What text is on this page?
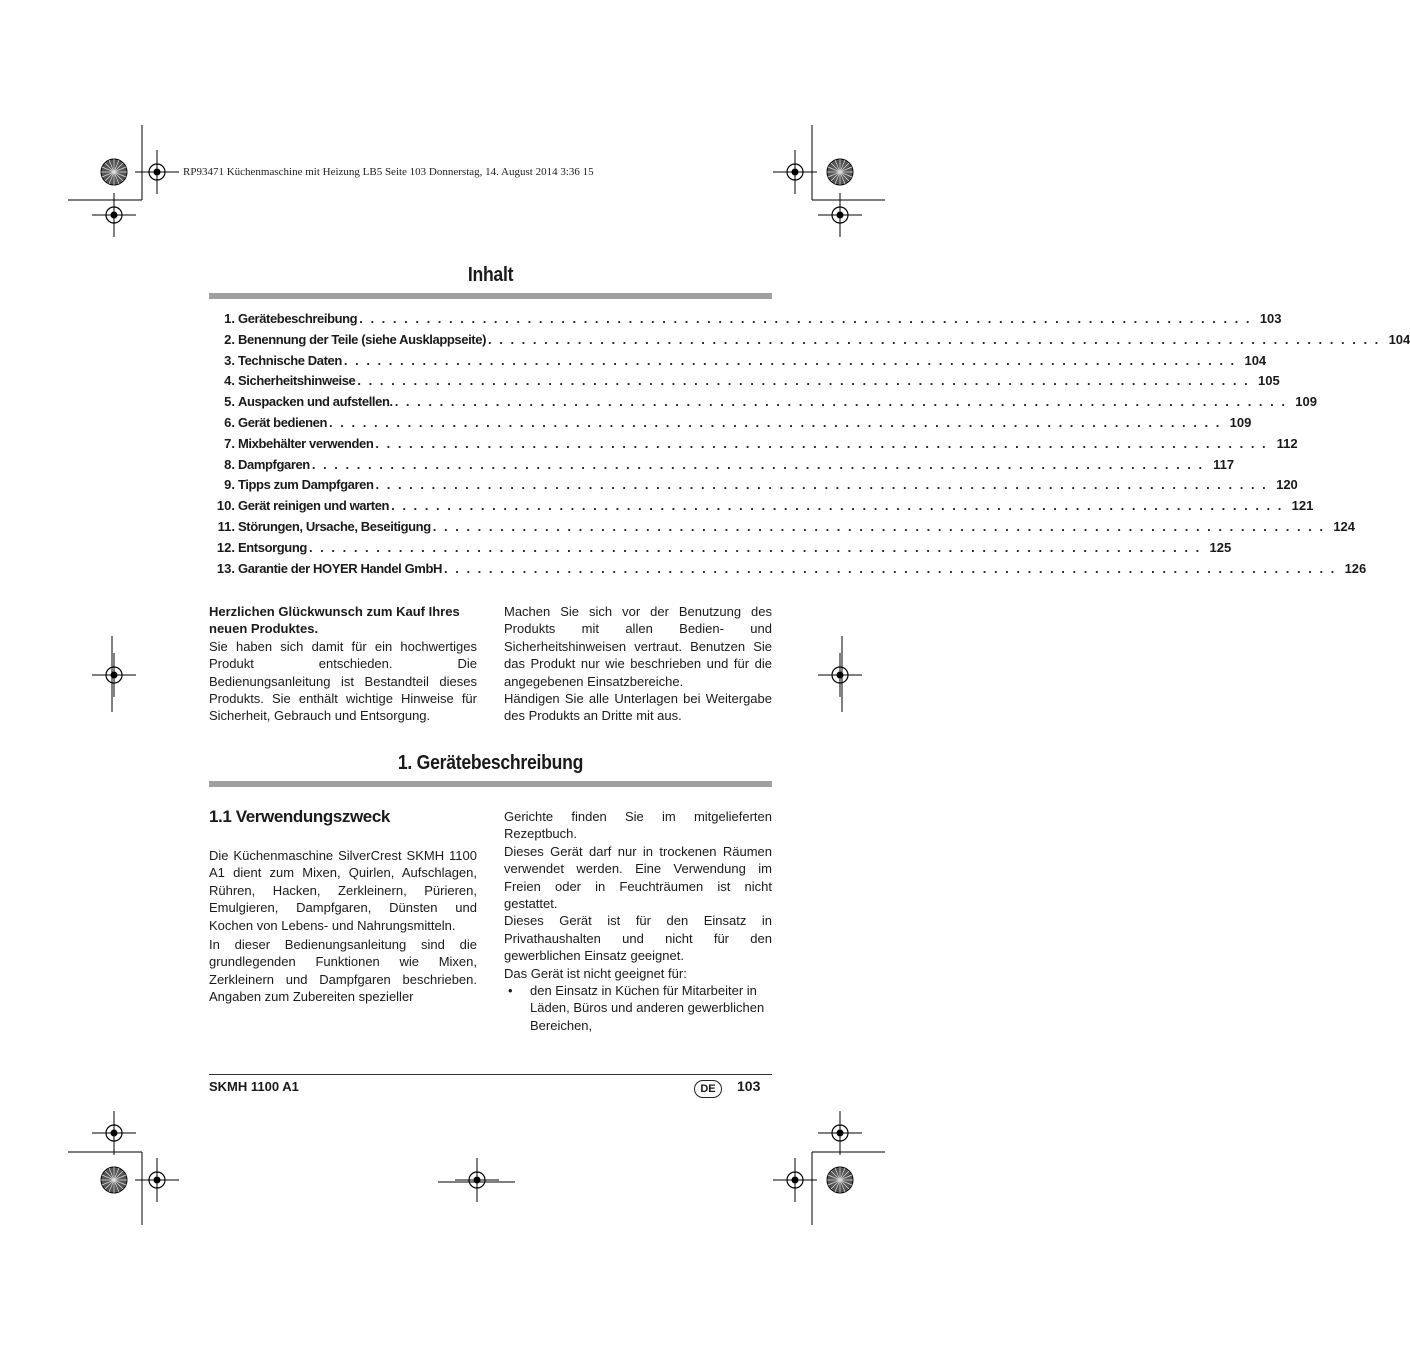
RP93471 Küchenmaschine mit Heizung LB5 Seite 103 Donnerstag, 14. August 2014 3:36 15
Inhalt
1. Gerätebeschreibung . . . . . . . . . . . . . . . . . . . . . . . . . . . . . . . . . . . . . . . . . . . . . . . . . . . . . . . . . . . . . . . . . . . . . . . . . . . . . . . . 103
2. Benennung der Teile (siehe Ausklappseite) . . . . . . . . . . . . . . . . . . . . . . . . . . . . . . . . . . . . . . . . . . . . . . . . . . . . . . . . . . . . . . . . . . . . . . . . . . . . . . . . 104
3. Technische Daten . . . . . . . . . . . . . . . . . . . . . . . . . . . . . . . . . . . . . . . . . . . . . . . . . . . . . . . . . . . . . . . . . . . . . . . . . . . . . . . . 104
4. Sicherheitshinweise . . . . . . . . . . . . . . . . . . . . . . . . . . . . . . . . . . . . . . . . . . . . . . . . . . . . . . . . . . . . . . . . . . . . . . . . . . . . . . . . 105
5. Auspacken und aufstellen. . . . . . . . . . . . . . . . . . . . . . . . . . . . . . . . . . . . . . . . . . . . . . . . . . . . . . . . . . . . . . . . . . . . . . . . . . . . . . . . . 109
6. Gerät bedienen . . . . . . . . . . . . . . . . . . . . . . . . . . . . . . . . . . . . . . . . . . . . . . . . . . . . . . . . . . . . . . . . . . . . . . . . . . . . . . . . 109
7. Mixbehälter verwenden . . . . . . . . . . . . . . . . . . . . . . . . . . . . . . . . . . . . . . . . . . . . . . . . . . . . . . . . . . . . . . . . . . . . . . . . . . . . . . . . 112
8. Dampfgaren . . . . . . . . . . . . . . . . . . . . . . . . . . . . . . . . . . . . . . . . . . . . . . . . . . . . . . . . . . . . . . . . . . . . . . . . . . . . . . . . 117
9. Tipps zum Dampfgaren . . . . . . . . . . . . . . . . . . . . . . . . . . . . . . . . . . . . . . . . . . . . . . . . . . . . . . . . . . . . . . . . . . . . . . . . . . . . . . . . 120
10. Gerät reinigen und warten . . . . . . . . . . . . . . . . . . . . . . . . . . . . . . . . . . . . . . . . . . . . . . . . . . . . . . . . . . . . . . . . . . . . . . . . . . . . . . . . 121
11. Störungen, Ursache, Beseitigung . . . . . . . . . . . . . . . . . . . . . . . . . . . . . . . . . . . . . . . . . . . . . . . . . . . . . . . . . . . . . . . . . . . . . . . . . . . . . . . . 124
12. Entsorgung . . . . . . . . . . . . . . . . . . . . . . . . . . . . . . . . . . . . . . . . . . . . . . . . . . . . . . . . . . . . . . . . . . . . . . . . . . . . . . . . 125
13. Garantie der HOYER Handel GmbH . . . . . . . . . . . . . . . . . . . . . . . . . . . . . . . . . . . . . . . . . . . . . . . . . . . . . . . . . . . . . . . . . . . . . . . . . . . . . . . . 126

Herzlichen Glückwunsch zum Kauf Ihres neuen Produktes.

Sie haben sich damit für ein hochwertiges Produkt entschieden. Die Bedienungsanleitung ist Bestandteil dieses Produkts. Sie enthält wichtige Hinweise für Sicherheit, Gebrauch und Entsorgung.

Machen Sie sich vor der Benutzung des Produkts mit allen Bedien- und Sicherheitshinweisen vertraut. Benutzen Sie das Produkt nur wie beschrieben und für die angegebenen Einsatzbereiche.

Händigen Sie alle Unterlagen bei Weitergabe des Produkts an Dritte mit aus.

1. Gerätebeschreibung
1.1 Verwendungszweck

Die Küchenmaschine SilverCrest SKMH 1100 A1 dient zum Mixen, Quirlen, Aufschlagen, Rühren, Hacken, Zerkleinern, Pürieren, Emulgieren, Dampfgaren, Dünsten und Kochen von Lebens- und Nahrungsmitteln.

In dieser Bedienungsanleitung sind die grundlegenden Funktionen wie Mixen, Zerkleinern und Dampfgaren beschrieben. Angaben zum Zubereiten spezieller

Gerichte finden Sie im mitgelieferten Rezeptbuch.

Dieses Gerät darf nur in trockenen Räumen verwendet werden. Eine Verwendung im Freien oder in Feuchträumen ist nicht gestattet.

Dieses Gerät ist für den Einsatz in Privathaushalten und nicht für den gewerblichen Einsatz geeignet.

Das Gerät ist nicht geeignet für:

•	den Einsatz in Küchen für Mitarbeiter in Läden, Büros und anderen gewerblichen Bereichen,
SKMH 1100 A1	DE	103
